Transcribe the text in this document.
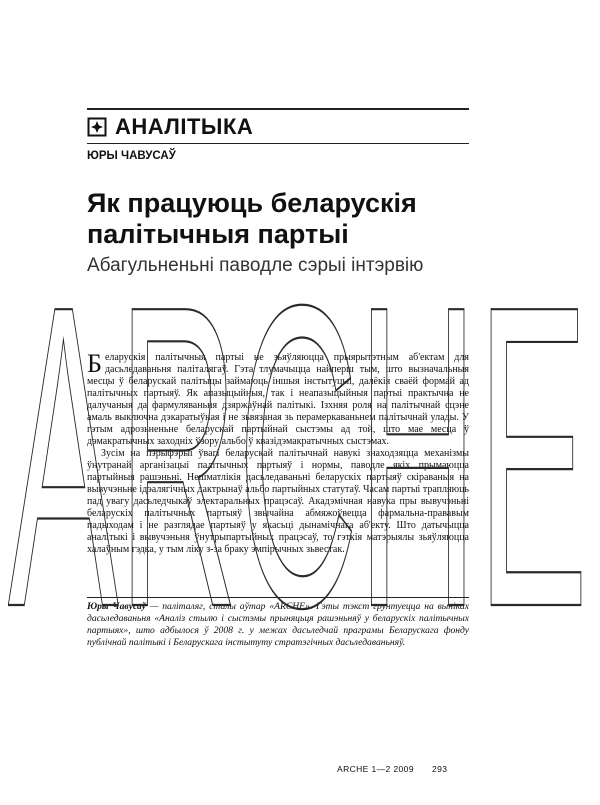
ARCHE
АНАЛІТЫКА
ЮРЫ ЧАВУСАЎ
Як працуюць беларускія палітычныя партыі
Абагульненьні паводле сэрыі інтэрвію

Беларускія палітычныя партыі не зьяўляюцца прыярытэтным аб'ектам для дасьледаваньня паліталягаў. Гэта тлумачыцца найперш тым, што вызначальныя месцы ў беларускай палітыцы займаюць іншыя інстытуцыі, далёкія сваёй формай ад палітычных партыяў. Як апазыцыйныя, так і неапазыцыйныя партыі практычна не далучаныя да фармуляваньня дзяржаўнай палітыкі. Ізхняя роля на палітычнай сцэне амаль выключна дэкаратыўная і не зьвязаная зь перамеркаваньнем палітычнай улады. У гэтым адрозьненьне беларускай партыйнай сыстэмы ад той, што мае месца ў дэмакратычных заходніх ўзору альбо ў квазідэмакратычных сыстэмах.

Зусім на пэрыфэрыі ўвагі беларускай палітычнай навукі знаходзяцца механізмы ўнутранай арганізацыі палітычных партыяў і нормы, паводле якіх прымаюцца партыйныя рашэньні. Нешматлікія дасьледаваньні беларускіх партыяў скіраваныя на вывучэньне ідэалягічных дактрынаў альбо партыйных статутаў. Часам партыі трапляюць пад увагу дасьледчыкаў электаральных працэсаў. Акадэмічная навука пры вывучэньні беларускіх палітычных партыяў звычайна абмяжоўвецца фармальна-прававым падыходам і не разглядае партыяў у якасьці дынамічнага аб'екту. Што датычыцца аналітыкі і вывучэньня ўнутрыпартыйных працэсаў, то гэткія матэрыялы зьяўляюцца халаўным гэдка, у тым ліку з-за браку эмпірычных зьвестак.

Юры Чавусаў — паліталяг, сталы аўтар «ARCHE». Гэты тэкст грунтуецца на выніках дасьледаваньня «Аналіз стылю і сыстэмы прыняцьця рашэньняў у беларускіх палітычных партыях», што адбылося ў 2008 г. у межах дасьледчай праграмы Беларускага фонду публічнай палітыкі і Беларускага інстытуту стратэгічных дасьледаваньняў.
ARCHE 1—2 2009 293
